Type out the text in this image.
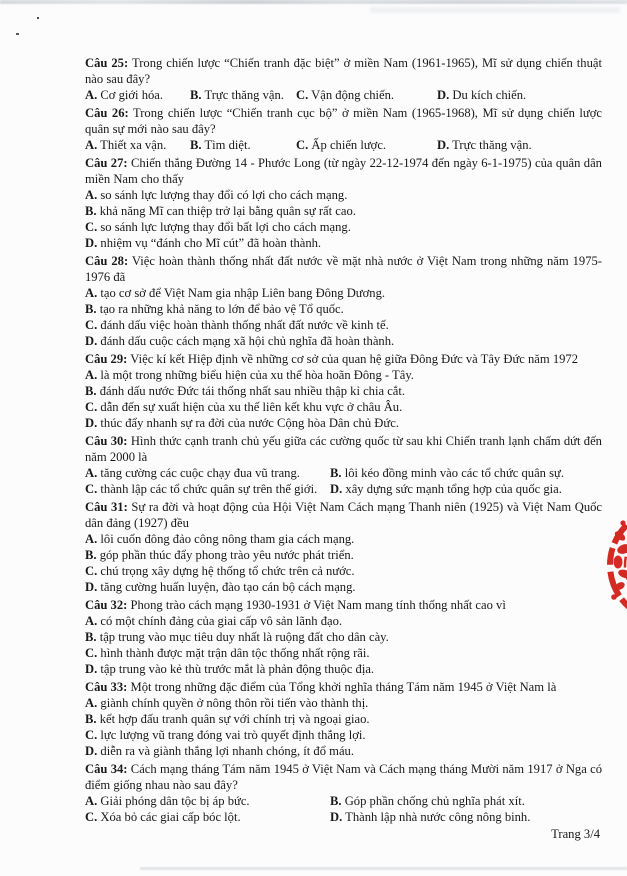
Câu 25: Trong chiến lược “Chiến tranh đặc biệt” ở miền Nam (1961-1965), Mĩ sử dụng chiến thuật nào sau đây?

A. Cơ giới hóa.	B. Trực thăng vận. C. Vận động chiến.	D. Du kích chiến.

Câu 26: Trong chiến lược “Chiến tranh cục bộ” ở miền Nam (1965-1968), Mĩ sử dụng chiến lược quân sự mới nào sau đây?

A. Thiết xa vận.	B. Tìm diệt.	C. Ấp chiến lược.	D. Trực thăng vận.

Câu 27: Chiến thắng Đường 14 - Phước Long (từ ngày 22-12-1974 đến ngày 6-1-1975) của quân dân miền Nam cho thấy

A. so sánh lực lượng thay đổi có lợi cho cách mạng.
B. khả năng Mĩ can thiệp trở lại bằng quân sự rất cao.
C. so sánh lực lượng thay đổi bất lợi cho cách mạng.
D. nhiệm vụ “đánh cho Mĩ cút” đã hoàn thành.

Câu 28: Việc hoàn thành thống nhất đất nước về mặt nhà nước ở Việt Nam trong những năm 1975-1976 đã

A. tạo cơ sở để Việt Nam gia nhập Liên bang Đông Dương.
B. tạo ra những khả năng to lớn để bảo vệ Tổ quốc.
C. đánh dấu việc hoàn thành thống nhất đất nước về kinh tế.
D. đánh dấu cuộc cách mạng xã hội chủ nghĩa đã hoàn thành.

Câu 29: Việc kí kết Hiệp định về những cơ sở của quan hệ giữa Đông Đức và Tây Đức năm 1972

A. là một trong những biểu hiện của xu thế hòa hoãn Đông - Tây.
B. đánh dấu nước Đức tái thống nhất sau nhiều thập kỉ chia cắt.
C. dẫn đến sự xuất hiện của xu thế liên kết khu vực ở châu Âu.
D. thúc đẩy nhanh sự ra đời của nước Cộng hòa Dân chủ Đức.

Câu 30: Hình thức cạnh tranh chủ yếu giữa các cường quốc từ sau khi Chiến tranh lạnh chấm dứt đến năm 2000 là

A. tăng cường các cuộc chạy đua vũ trang.	B. lôi kéo đồng minh vào các tổ chức quân sự.
C. thành lập các tổ chức quân sự trên thế giới.	D. xây dựng sức mạnh tổng hợp của quốc gia.

Câu 31: Sự ra đời và hoạt động của Hội Việt Nam Cách mạng Thanh niên (1925) và Việt Nam Quốc dân đảng (1927) đều

A. lôi cuốn đông đảo công nông tham gia cách mạng.
B. góp phần thúc đẩy phong trào yêu nước phát triển.
C. chú trọng xây dựng hệ thống tổ chức trên cả nước.
D. tăng cường huấn luyện, đào tạo cán bộ cách mạng.

Câu 32: Phong trào cách mạng 1930-1931 ở Việt Nam mang tính thống nhất cao vì

A. có một chính đảng của giai cấp vô sản lãnh đạo.
B. tập trung vào mục tiêu duy nhất là ruộng đất cho dân cày.
C. hình thành được mặt trận dân tộc thống nhất rộng rãi.
D. tập trung vào kẻ thù trước mắt là phản động thuộc địa.

Câu 33: Một trong những đặc điểm của Tổng khởi nghĩa tháng Tám năm 1945 ở Việt Nam là

A. giành chính quyền ở nông thôn rồi tiến vào thành thị.
B. kết hợp đấu tranh quân sự với chính trị và ngoại giao.
C. lực lượng vũ trang đóng vai trò quyết định thắng lợi.
D. diễn ra và giành thắng lợi nhanh chóng, ít đổ máu.

Câu 34: Cách mạng tháng Tám năm 1945 ở Việt Nam và Cách mạng tháng Mười năm 1917 ở Nga có điểm giống nhau nào sau đây?

A. Giải phóng dân tộc bị áp bức.	B. Góp phần chống chủ nghĩa phát xít.
C. Xóa bỏ các giai cấp bóc lột.	D. Thành lập nhà nước công nông binh.
Trang 3/4
